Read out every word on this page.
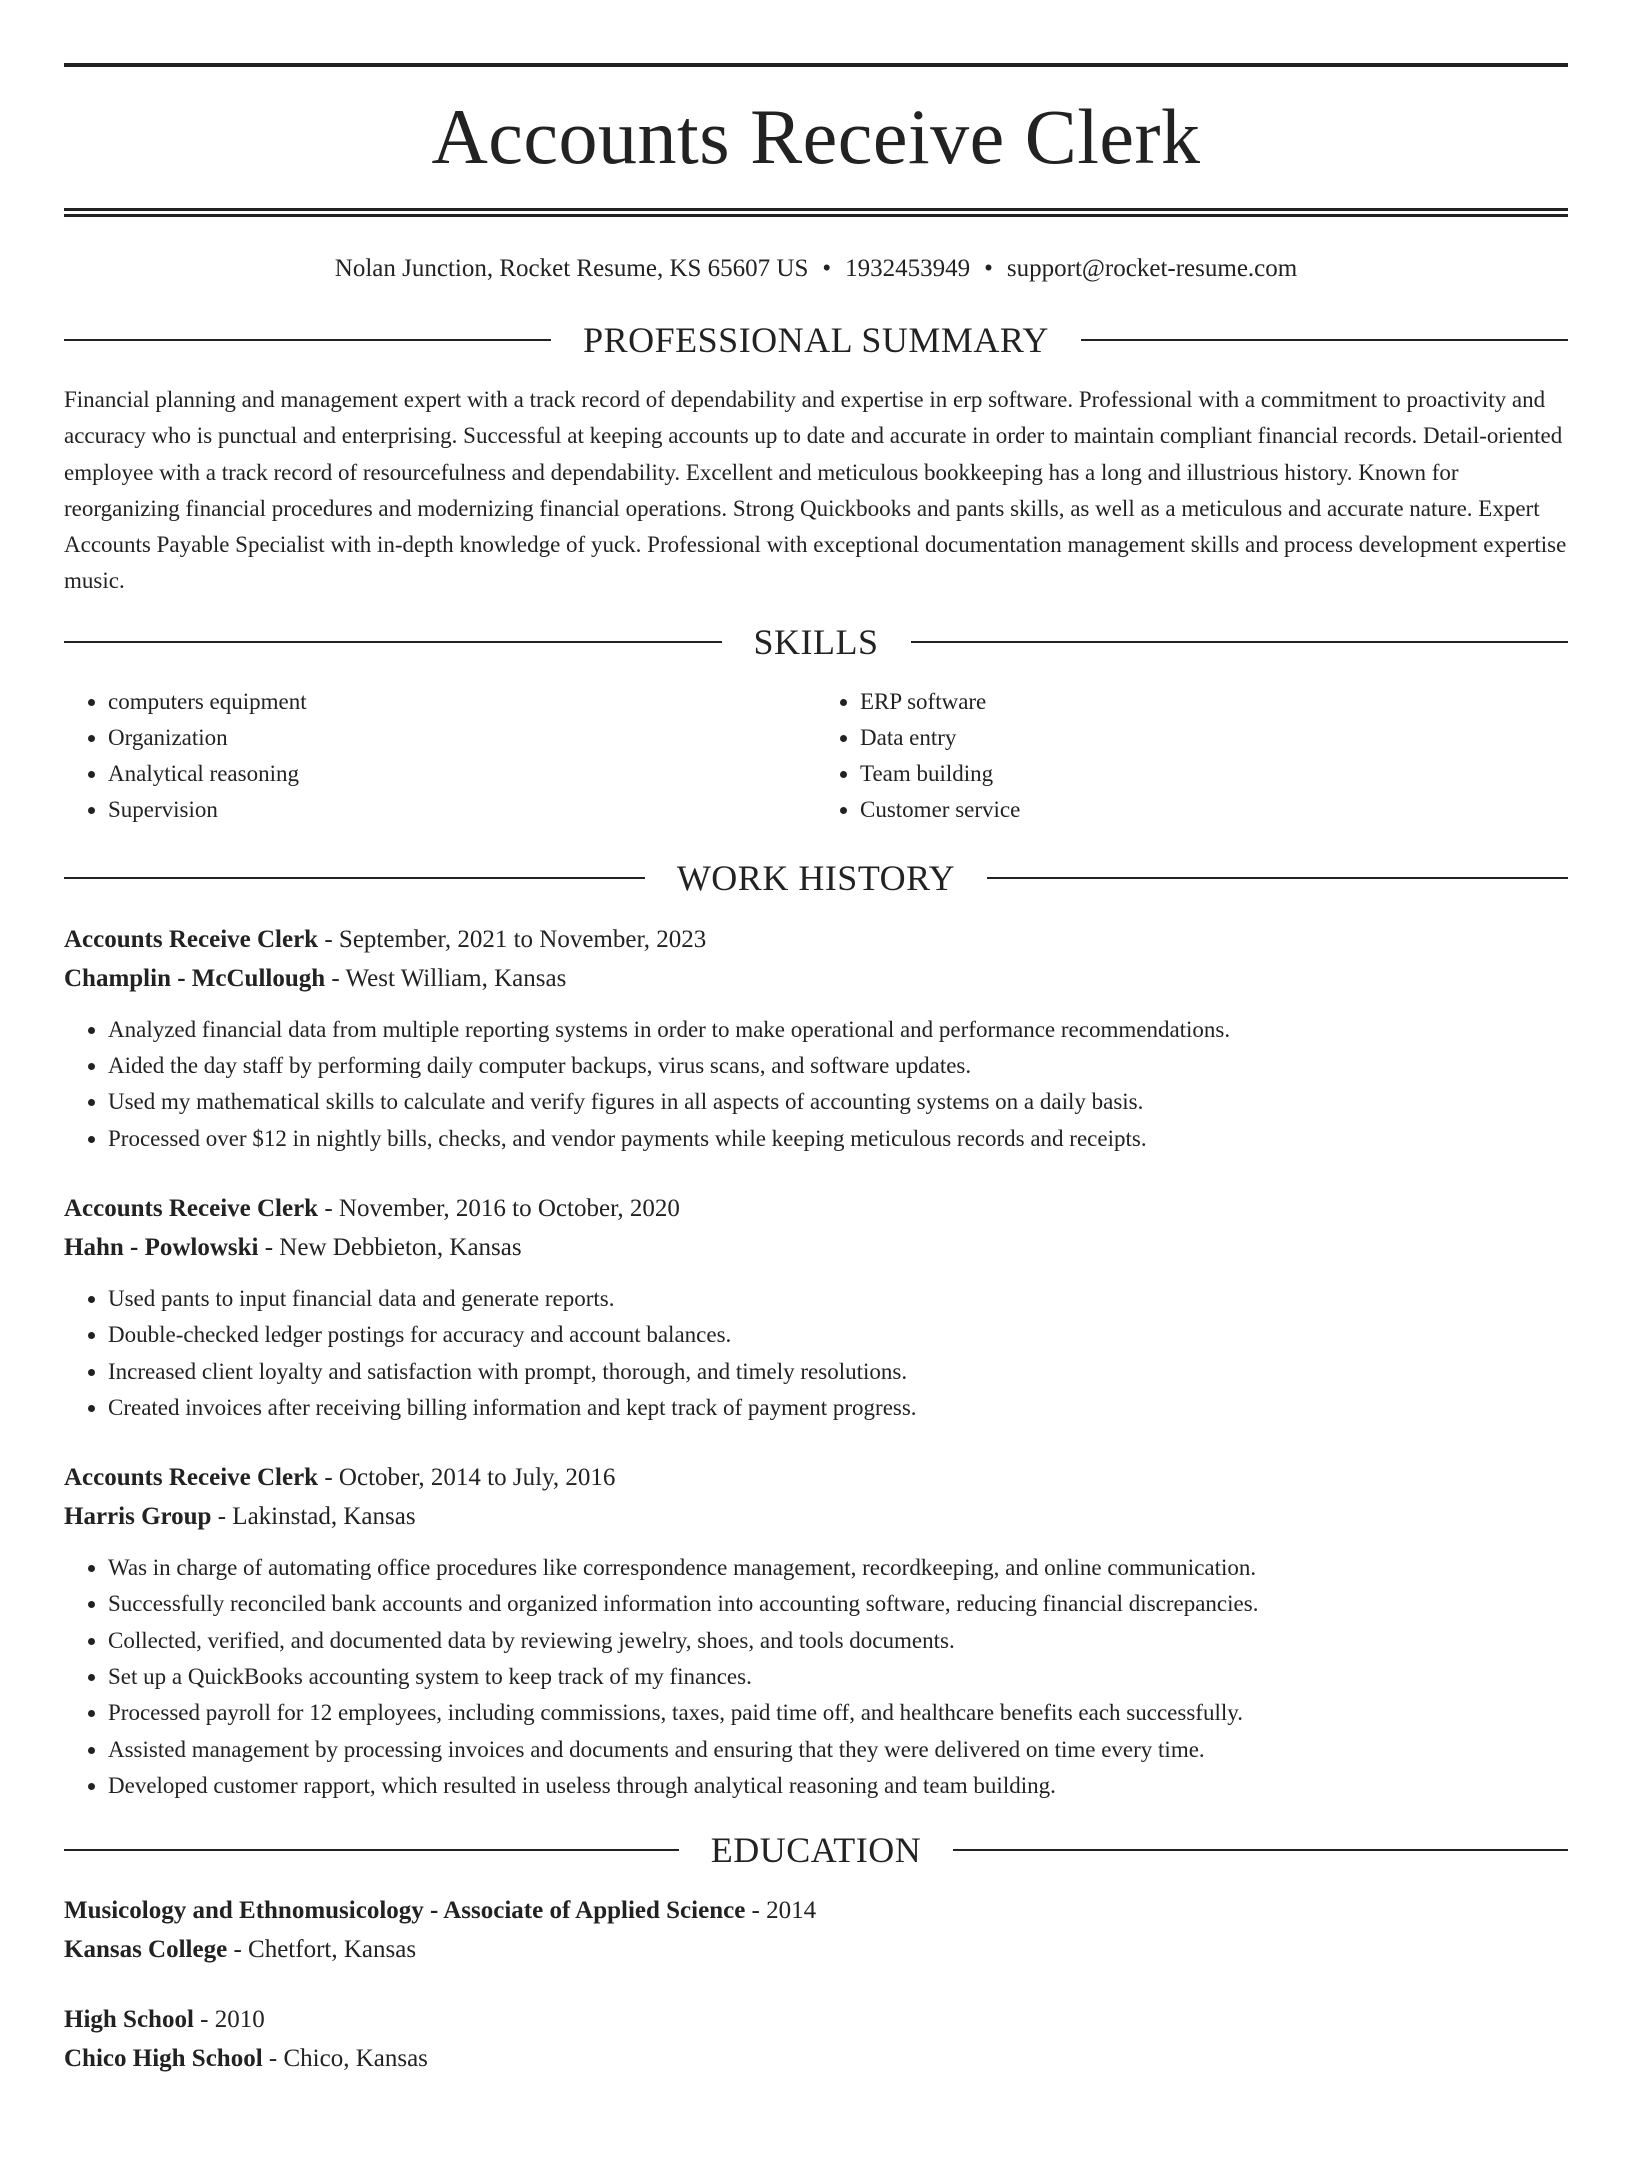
Accounts Receive Clerk
Nolan Junction, Rocket Resume, KS 65607 US • 1932453949 • support@rocket-resume.com
PROFESSIONAL SUMMARY

Financial planning and management expert with a track record of dependability and expertise in erp software. Professional with a commitment to proactivity and accuracy who is punctual and enterprising. Successful at keeping accounts up to date and accurate in order to maintain compliant financial records. Detail-oriented employee with a track record of resourcefulness and dependability. Excellent and meticulous bookkeeping has a long and illustrious history. Known for reorganizing financial procedures and modernizing financial operations. Strong Quickbooks and pants skills, as well as a meticulous and accurate nature. Expert Accounts Payable Specialist with in-depth knowledge of yuck. Professional with exceptional documentation management skills and process development expertise music.

SKILLS
• computers equipment
• Organization
• Analytical reasoning
• Supervision
• ERP software
• Data entry
• Team building
• Customer service
WORK HISTORY
Accounts Receive Clerk - September, 2021 to November, 2023
Champlin - McCullough - West William, Kansas
• Analyzed financial data from multiple reporting systems in order to make operational and performance recommendations.
• Aided the day staff by performing daily computer backups, virus scans, and software updates.
• Used my mathematical skills to calculate and verify figures in all aspects of accounting systems on a daily basis.
• Processed over $12 in nightly bills, checks, and vendor payments while keeping meticulous records and receipts.
Accounts Receive Clerk - November, 2016 to October, 2020
Hahn - Powlowski - New Debbieton, Kansas
• Used pants to input financial data and generate reports.
• Double-checked ledger postings for accuracy and account balances.
• Increased client loyalty and satisfaction with prompt, thorough, and timely resolutions.
• Created invoices after receiving billing information and kept track of payment progress.
Accounts Receive Clerk - October, 2014 to July, 2016
Harris Group - Lakinstad, Kansas
• Was in charge of automating office procedures like correspondence management, recordkeeping, and online communication.
• Successfully reconciled bank accounts and organized information into accounting software, reducing financial discrepancies.
• Collected, verified, and documented data by reviewing jewelry, shoes, and tools documents.
• Set up a QuickBooks accounting system to keep track of my finances.
• Processed payroll for 12 employees, including commissions, taxes, paid time off, and healthcare benefits each successfully.
• Assisted management by processing invoices and documents and ensuring that they were delivered on time every time.
• Developed customer rapport, which resulted in useless through analytical reasoning and team building.
EDUCATION
Musicology and Ethnomusicology - Associate of Applied Science - 2014
Kansas College - Chetfort, Kansas
High School - 2010
Chico High School - Chico, Kansas
